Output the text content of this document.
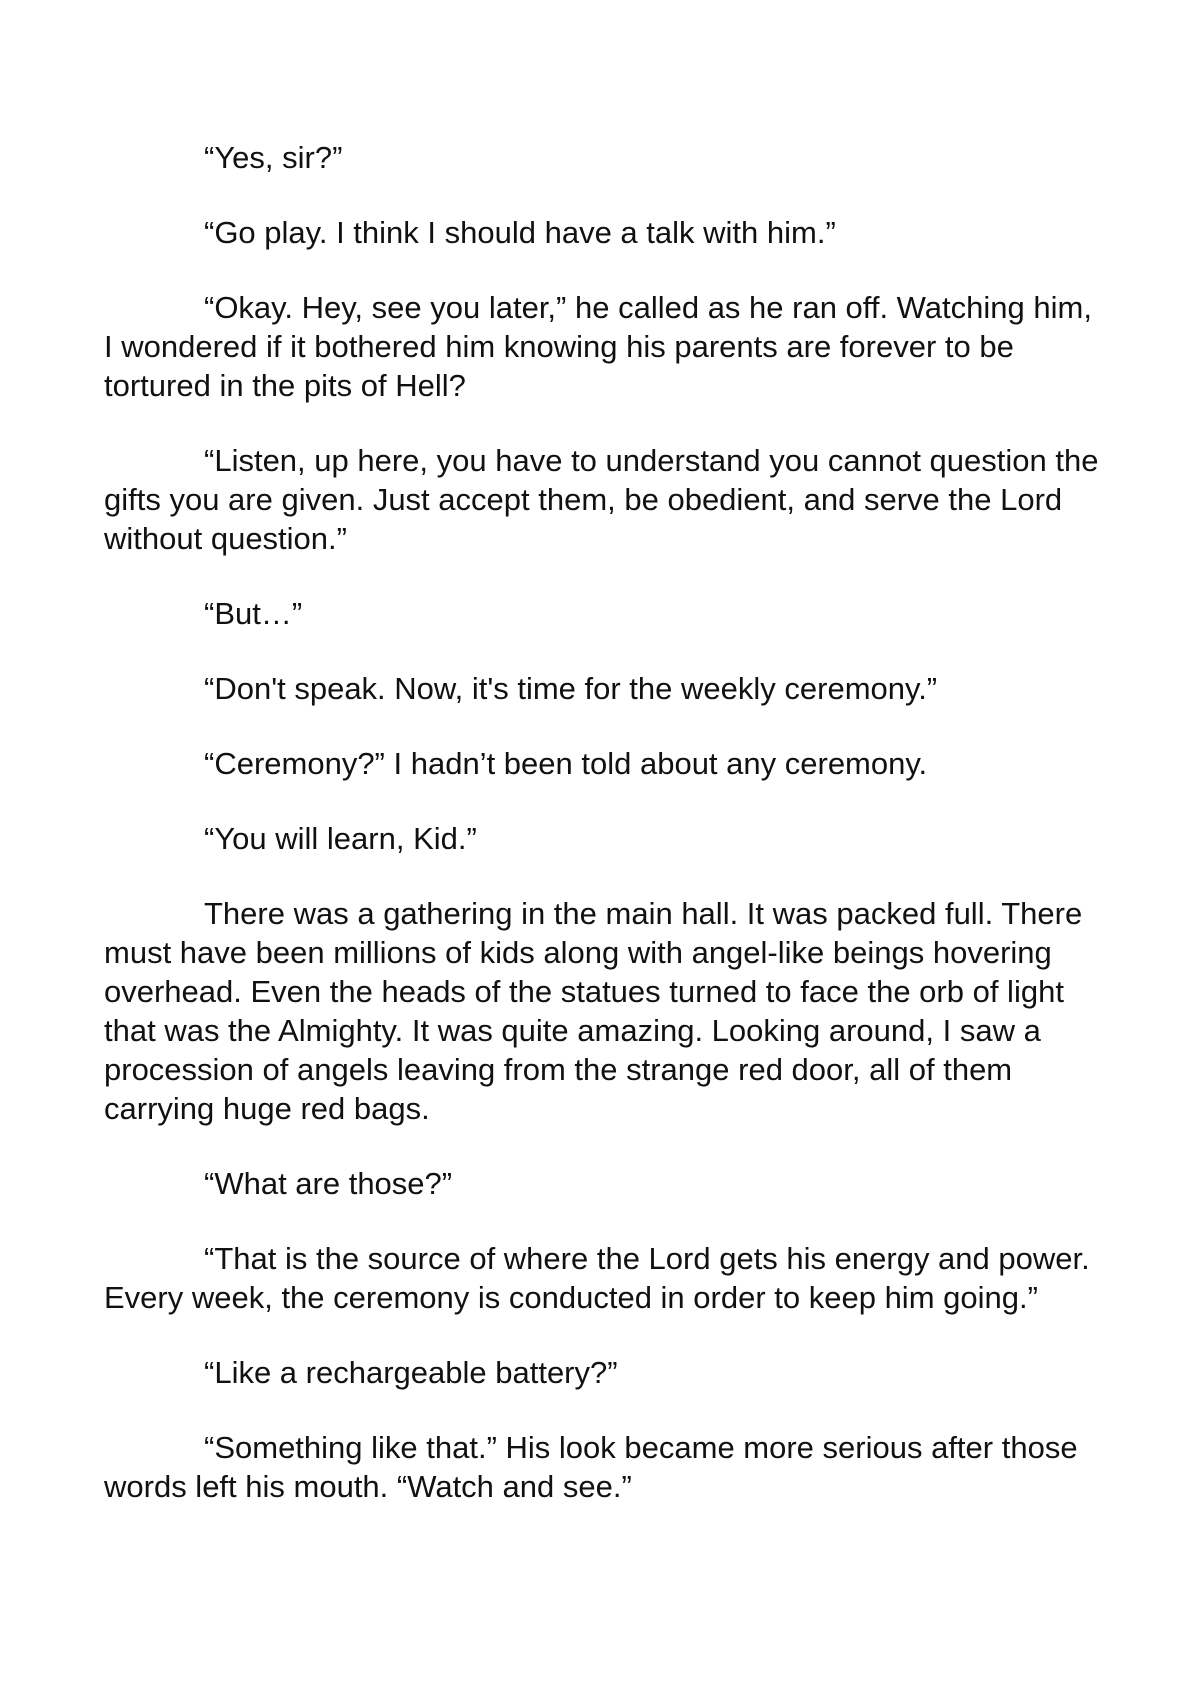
“Yes, sir?”

“Go play. I think I should have a talk with him.”

“Okay. Hey, see you later,” he called as he ran off. Watching him, I wondered if it bothered him knowing his parents are forever to be tortured in the pits of Hell?

“Listen, up here, you have to understand you cannot question the gifts you are given. Just accept them, be obedient, and serve the Lord without question.”

“But…”

“Don't speak. Now, it's time for the weekly ceremony.”

“Ceremony?” I hadn’t been told about any ceremony.

“You will learn, Kid.”

There was a gathering in the main hall. It was packed full. There must have been millions of kids along with angel-like beings hovering overhead. Even the heads of the statues turned to face the orb of light that was the Almighty. It was quite amazing. Looking around, I saw a procession of angels leaving from the strange red door, all of them carrying huge red bags.

“What are those?”

“That is the source of where the Lord gets his energy and power. Every week, the ceremony is conducted in order to keep him going.”

“Like a rechargeable battery?”

“Something like that.” His look became more serious after those words left his mouth. “Watch and see.”
